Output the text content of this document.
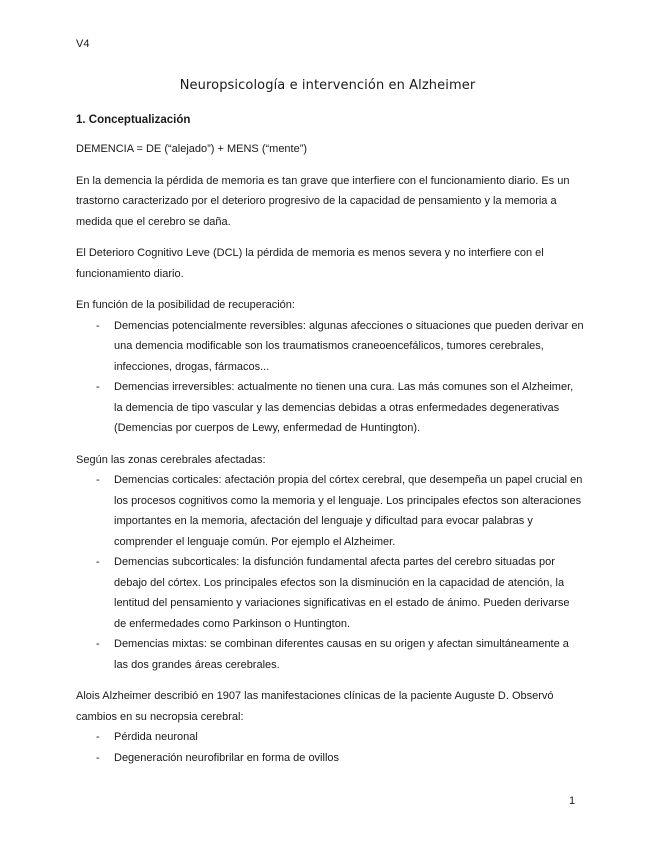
V4
Neuropsicología e intervención en Alzheimer
1. Conceptualización

DEMENCIA = DE (“alejado”) + MENS (“mente”)

En la demencia la pérdida de memoria es tan grave que interfiere con el funcionamiento diario. Es un trastorno caracterizado por el deterioro progresivo de la capacidad de pensamiento y la memoria a medida que el cerebro se daña.

El Deterioro Cognitivo Leve (DCL) la pérdida de memoria es menos severa y no interfiere con el funcionamiento diario.

En función de la posibilidad de recuperación:

- Demencias potencialmente reversibles: algunas afecciones o situaciones que pueden derivar en una demencia modificable son los traumatismos craneoencefálicos, tumores cerebrales, infecciones, drogas, fármacos...
- Demencias irreversibles: actualmente no tienen una cura. Las más comunes son el Alzheimer, la demencia de tipo vascular y las demencias debidas a otras enfermedades degenerativas (Demencias por cuerpos de Lewy, enfermedad de Huntington).

Según las zonas cerebrales afectadas:

- Demencias corticales: afectación propia del córtex cerebral, que desempeña un papel crucial en los procesos cognitivos como la memoria y el lenguaje. Los principales efectos son alteraciones importantes en la memoria, afectación del lenguaje y dificultad para evocar palabras y comprender el lenguaje común. Por ejemplo el Alzheimer.
- Demencias subcorticales: la disfunción fundamental afecta partes del cerebro situadas por debajo del córtex. Los principales efectos son la disminución en la capacidad de atención, la lentitud del pensamiento y variaciones significativas en el estado de ánimo. Pueden derivarse de enfermedades como Parkinson o Huntington.
- Demencias mixtas: se combinan diferentes causas en su origen y afectan simultáneamente a las dos grandes áreas cerebrales.

Alois Alzheimer describió en 1907 las manifestaciones clínicas de la paciente Auguste D. Observó cambios en su necropsia cerebral:

- Pérdida neuronal
- Degeneración neurofibrilar en forma de ovillos
1
